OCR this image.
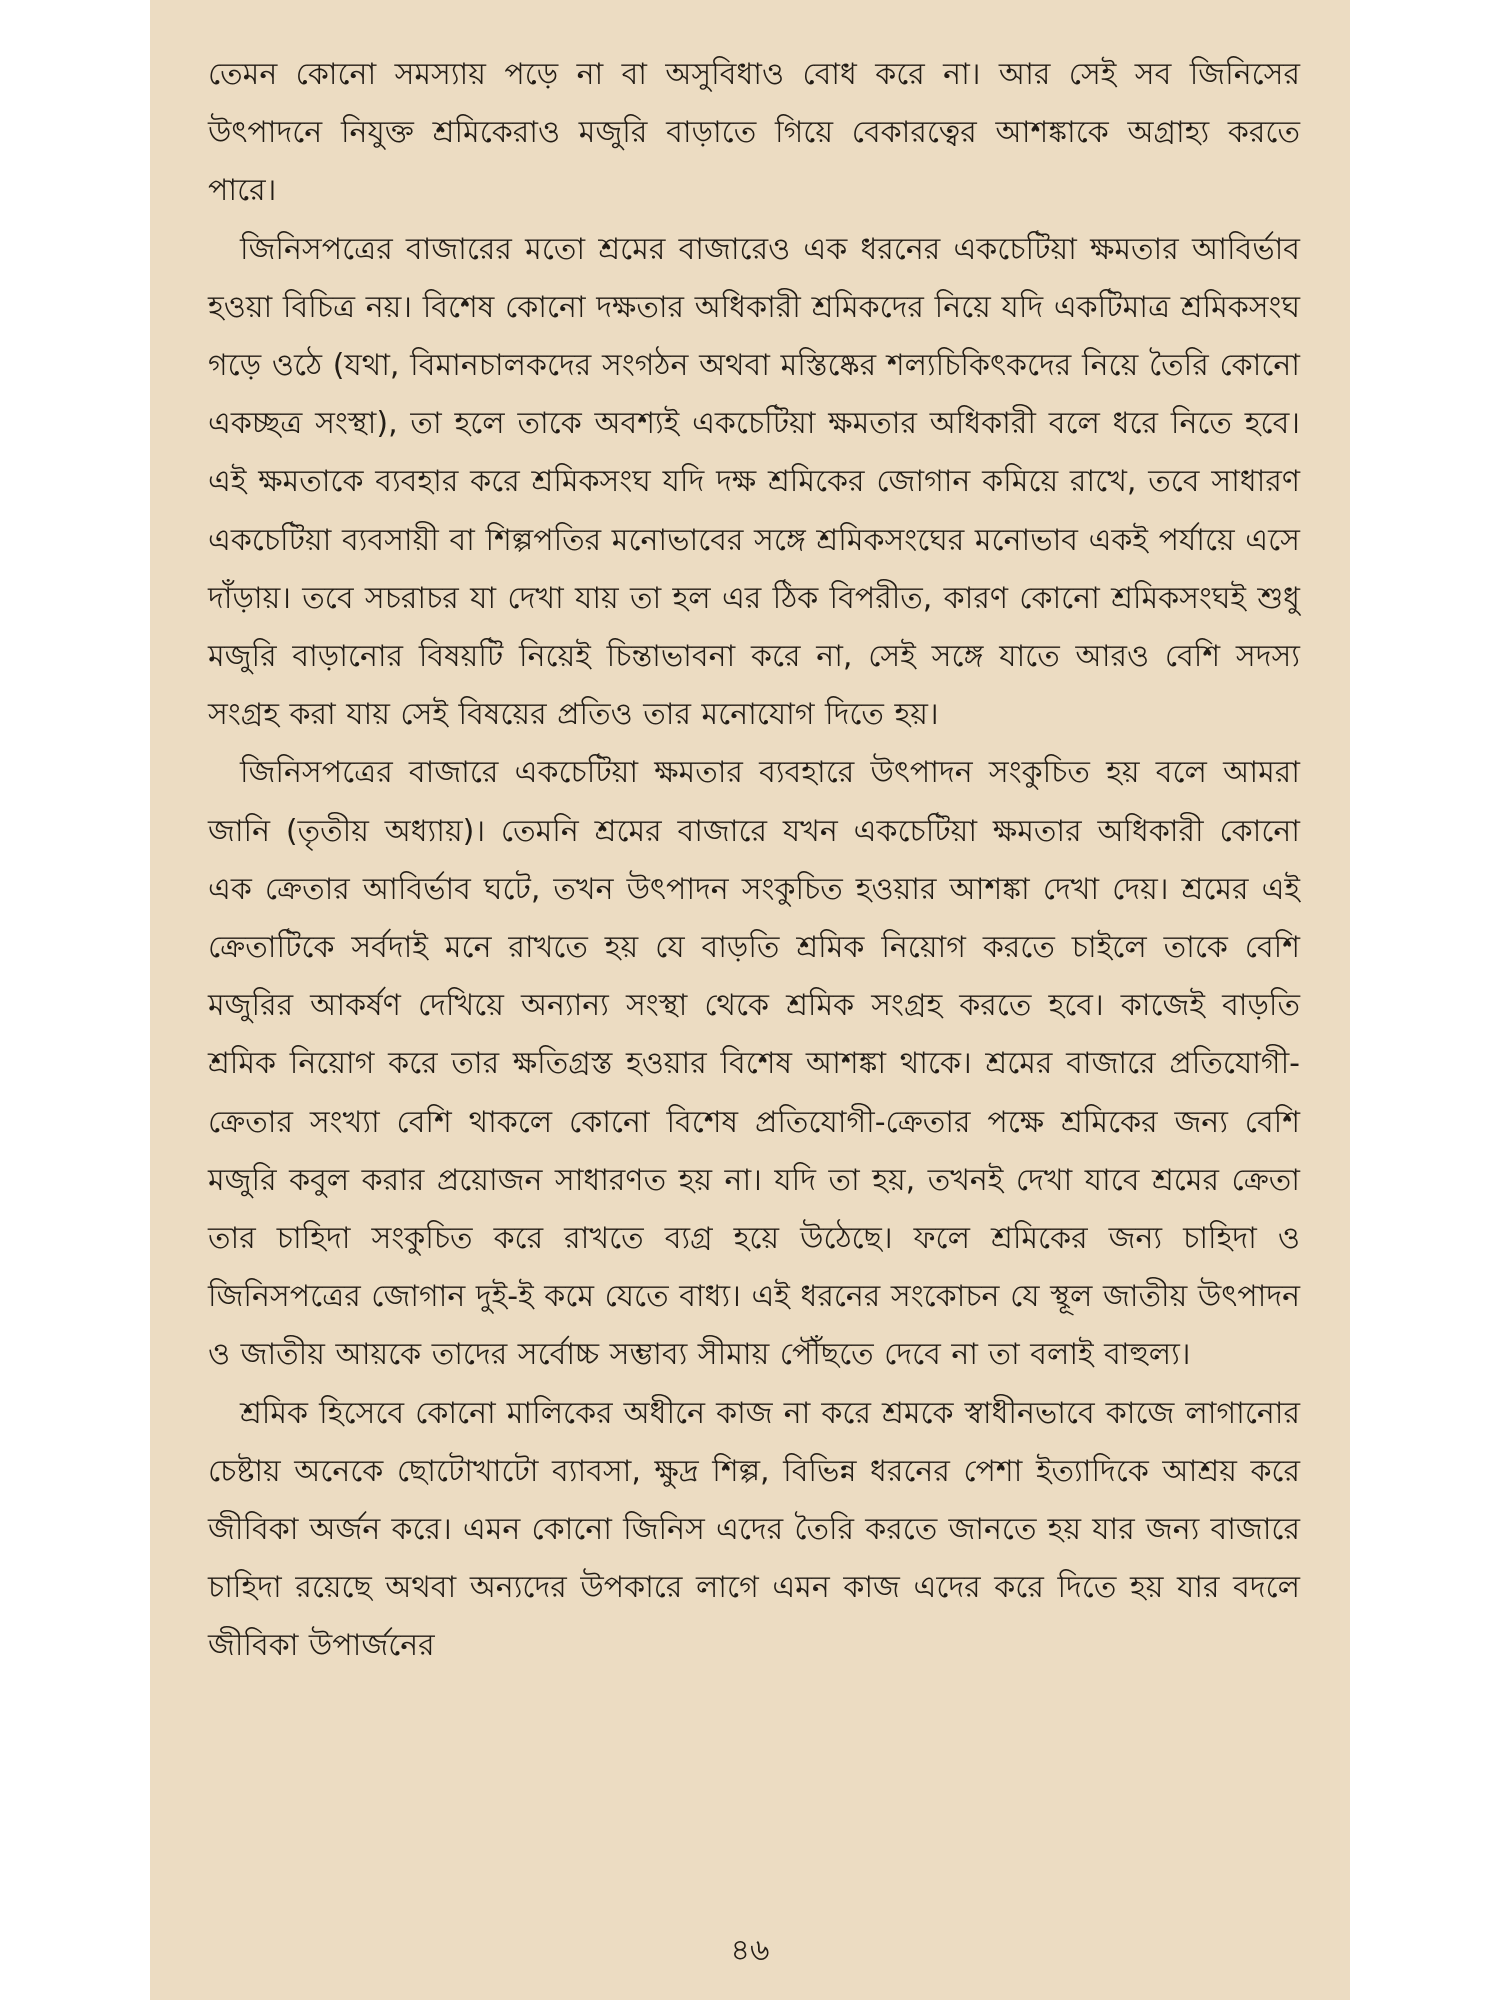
তেমন কোনো সমস্যায় পড়ে না বা অসুবিধাও বোধ করে না। আর সেই সব জিনিসের উৎপাদনে নিযুক্ত শ্রমিকেরাও মজুরি বাড়াতে গিয়ে বেকারত্বের আশঙ্কাকে অগ্রাহ্য করতে পারে।

জিনিসপত্রের বাজারের মতো শ্রমের বাজারেও এক ধরনের একচেটিয়া ক্ষমতার আবির্ভাব হওয়া বিচিত্র নয়। বিশেষ কোনো দক্ষতার অধিকারী শ্রমিকদের নিয়ে যদি একটিমাত্র শ্রমিকসংঘ গড়ে ওঠে (যথা, বিমানচালকদের সংগঠন অথবা মস্তিষ্কের শল্যচিকিৎকদের নিয়ে তৈরি কোনো একচ্ছত্র সংস্থা), তা হলে তাকে অবশ্যই একচেটিয়া ক্ষমতার অধিকারী বলে ধরে নিতে হবে। এই ক্ষমতাকে ব্যবহার করে শ্রমিকসংঘ যদি দক্ষ শ্রমিকের জোগান কমিয়ে রাখে, তবে সাধারণ একচেটিয়া ব্যবসায়ী বা শিল্পপতির মনোভাবের সঙ্গে শ্রমিকসংঘের মনোভাব একই পর্যায়ে এসে দাঁড়ায়। তবে সচরাচর যা দেখা যায় তা হল এর ঠিক বিপরীত, কারণ কোনো শ্রমিকসংঘই শুধু মজুরি বাড়ানোর বিষয়টি নিয়েই চিন্তাভাবনা করে না, সেই সঙ্গে যাতে আরও বেশি সদস্য সংগ্রহ করা যায় সেই বিষয়ের প্রতিও তার মনোযোগ দিতে হয়।

জিনিসপত্রের বাজারে একচেটিয়া ক্ষমতার ব্যবহারে উৎপাদন সংকুচিত হয় বলে আমরা জানি (তৃতীয় অধ্যায়)। তেমনি শ্রমের বাজারে যখন একচেটিয়া ক্ষমতার অধিকারী কোনো এক ক্রেতার আবির্ভাব ঘটে, তখন উৎপাদন সংকুচিত হওয়ার আশঙ্কা দেখা দেয়। শ্রমের এই ক্রেতাটিকে সর্বদাই মনে রাখতে হয় যে বাড়তি শ্রমিক নিয়োগ করতে চাইলে তাকে বেশি মজুরির আকর্ষণ দেখিয়ে অন্যান্য সংস্থা থেকে শ্রমিক সংগ্রহ করতে হবে। কাজেই বাড়তি শ্রমিক নিয়োগ করে তার ক্ষতিগ্রস্ত হওয়ার বিশেষ আশঙ্কা থাকে। শ্রমের বাজারে প্রতিযোগী-ক্রেতার সংখ্যা বেশি থাকলে কোনো বিশেষ প্রতিযোগী-ক্রেতার পক্ষে শ্রমিকের জন্য বেশি মজুরি কবুল করার প্রয়োজন সাধারণত হয় না। যদি তা হয়, তখনই দেখা যাবে শ্রমের ক্রেতা তার চাহিদা সংকুচিত করে রাখতে ব্যগ্র হয়ে উঠেছে। ফলে শ্রমিকের জন্য চাহিদা ও জিনিসপত্রের জোগান দুই-ই কমে যেতে বাধ্য। এই ধরনের সংকোচন যে স্থূল জাতীয় উৎপাদন ও জাতীয় আয়কে তাদের সর্বোচ্চ সম্ভাব্য সীমায় পৌঁছতে দেবে না তা বলাই বাহুল্য।

শ্রমিক হিসেবে কোনো মালিকের অধীনে কাজ না করে শ্রমকে স্বাধীনভাবে কাজে লাগানোর চেষ্টায় অনেকে ছোটোখাটো ব্যাবসা, ক্ষুদ্র শিল্প, বিভিন্ন ধরনের পেশা ইত্যাদিকে আশ্রয় করে জীবিকা অর্জন করে। এমন কোনো জিনিস এদের তৈরি করতে জানতে হয় যার জন্য বাজারে চাহিদা রয়েছে অথবা অন্যদের উপকারে লাগে এমন কাজ এদের করে দিতে হয় যার বদলে জীবিকা উপার্জনের

৪৬
